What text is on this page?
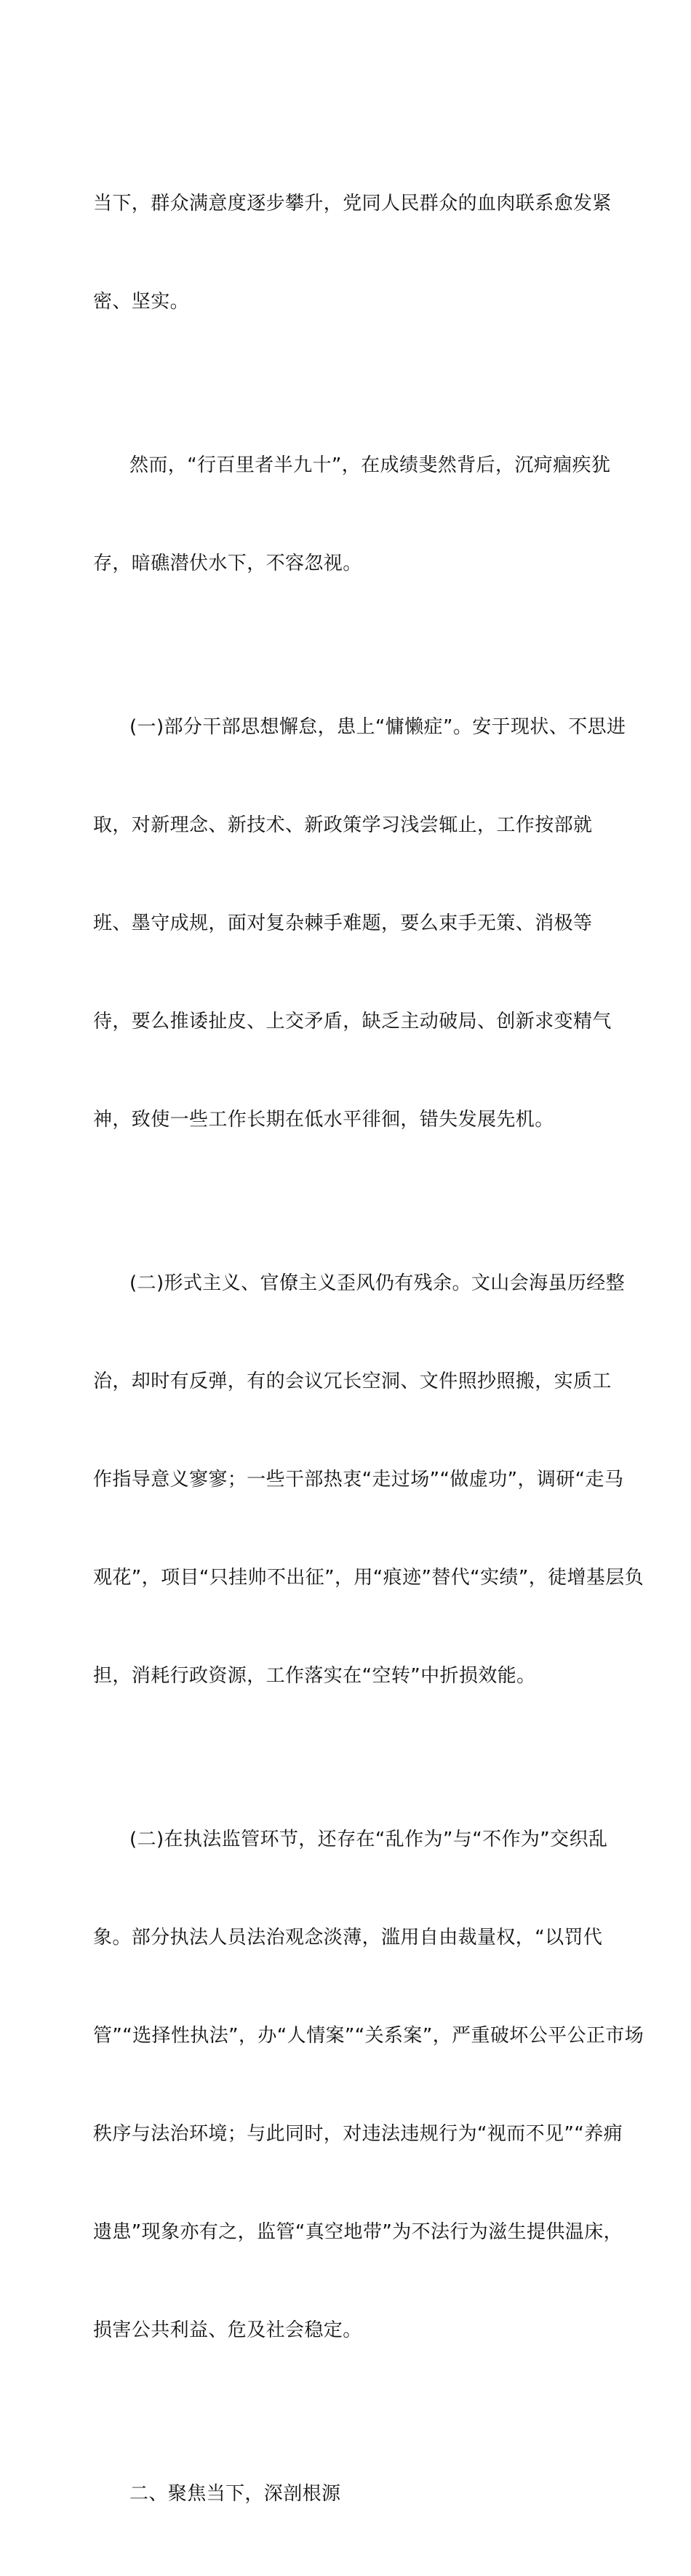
当下，群众满意度逐步攀升，党同人民群众的血肉联系愈发紧

密、坚实。

然而，“行百里者半九十”，在成绩斐然背后，沉疴痼疾犹

存，暗礁潜伏水下，不容忽视。

(一)部分干部思想懈怠，患上“慵懒症”。安于现状、不思进

取，对新理念、新技术、新政策学习浅尝辄止，工作按部就

班、墨守成规，面对复杂棘手难题，要么束手无策、消极等

待，要么推诿扯皮、上交矛盾，缺乏主动破局、创新求变精气

神，致使一些工作长期在低水平徘徊，错失发展先机。

(二)形式主义、官僚主义歪风仍有残余。文山会海虽历经整

治，却时有反弹，有的会议冗长空洞、文件照抄照搬，实质工

作指导意义寥寥；一些干部热衷“走过场”“做虚功”，调研“走马

观花”，项目“只挂帅不出征”，用“痕迹”替代“实绩”，徒增基层负

担，消耗行政资源，工作落实在“空转”中折损效能。

(二)在执法监管环节，还存在“乱作为”与“不作为”交织乱

象。部分执法人员法治观念淡薄，滥用自由裁量权，“以罚代

管”“选择性执法”，办“人情案”“关系案”，严重破坏公平公正市场

秩序与法治环境；与此同时，对违法违规行为“视而不见”“养痈

遗患”现象亦有之，监管“真空地带”为不法行为滋生提供温床，

损害公共利益、危及社会稳定。

二、聚焦当下，深剖根源
